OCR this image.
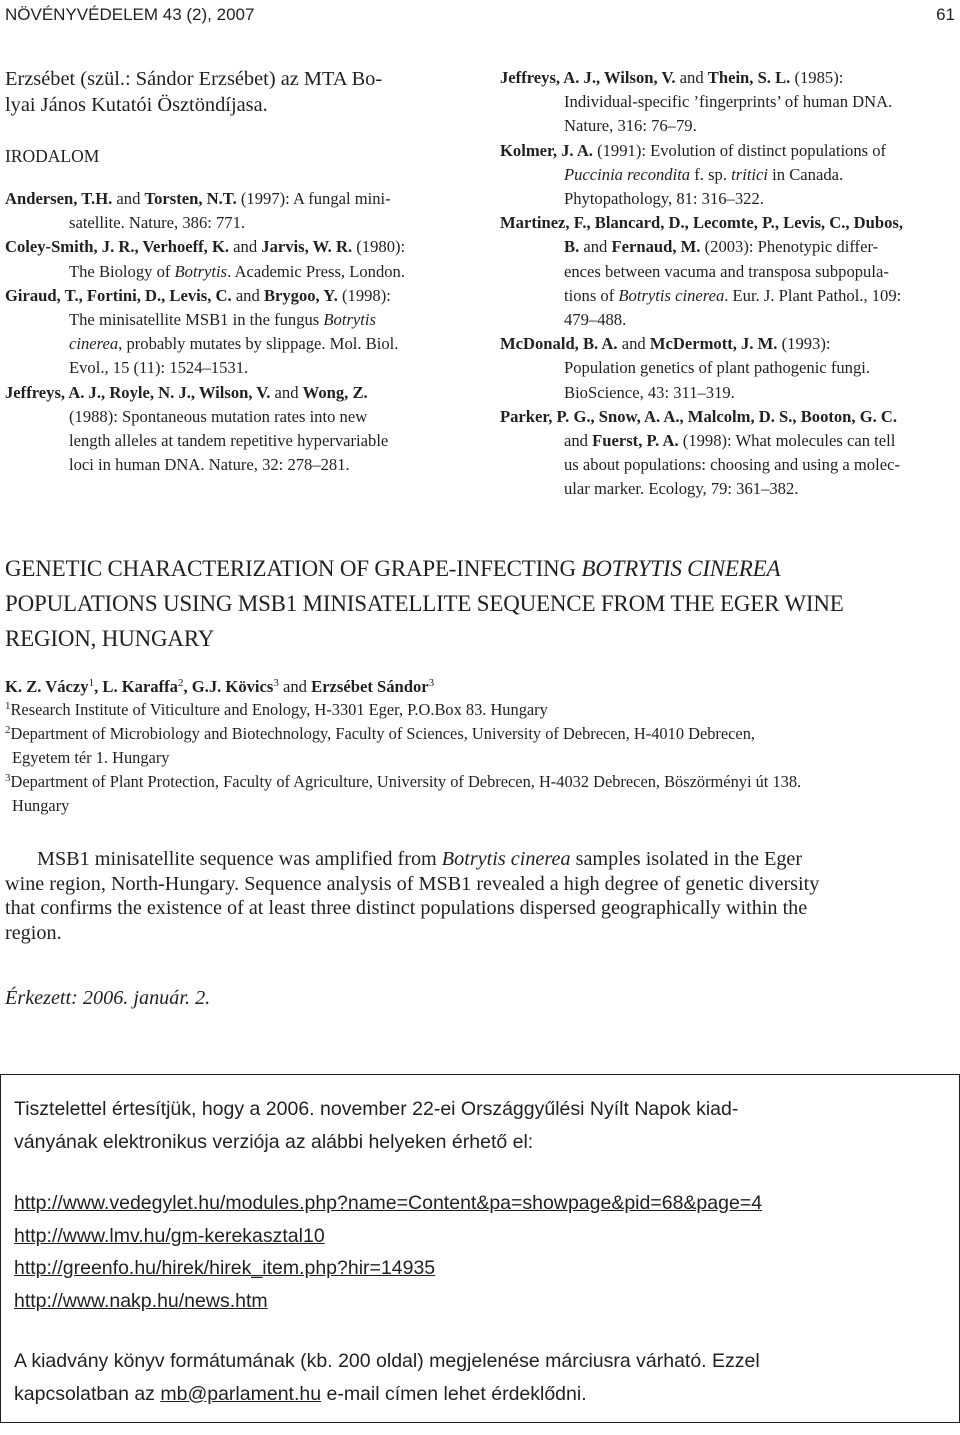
NÖVÉNYVÉDELEM 43 (2), 2007	61
Erzsébet (szül.: Sándor Erzsébet) az MTA Bo-
lyai János Kutatói Ösztöndíjasa.
IRODALOM
Andersen, T.H. and Torsten, N.T. (1997): A fungal mini-
satellite. Nature, 386: 771.
Coley-Smith, J. R., Verhoeff, K. and Jarvis, W. R. (1980):
The Biology of Botrytis. Academic Press, London.
Giraud, T., Fortini, D., Levis, C. and Brygoo, Y. (1998):
The minisatellite MSB1 in the fungus Botrytis
cinerea, probably mutates by slippage. Mol. Biol.
Evol., 15 (11): 1524–1531.
Jeffreys, A. J., Royle, N. J., Wilson, V. and Wong, Z.
(1988): Spontaneous mutation rates into new
length alleles at tandem repetitive hypervariable
loci in human DNA. Nature, 32: 278–281.
Jeffreys, A. J., Wilson, V. and Thein, S. L. (1985):
Individual-specific ’fingerprints’ of human DNA.
Nature, 316: 76–79.
Kolmer, J. A. (1991): Evolution of distinct populations of
Puccinia recondita f. sp. tritici in Canada.
Phytopathology, 81: 316–322.
Martinez, F., Blancard, D., Lecomte, P., Levis, C., Dubos,
B. and Fernaud, M. (2003): Phenotypic differ-
ences between vacuma and transposa subpopula-
tions of Botrytis cinerea. Eur. J. Plant Pathol., 109:
479–488.
McDonald, B. A. and McDermott, J. M. (1993):
Population genetics of plant pathogenic fungi.
BioScience, 43: 311–319.
Parker, P. G., Snow, A. A., Malcolm, D. S., Booton, G. C.
and Fuerst, P. A. (1998): What molecules can tell
us about populations: choosing and using a molec-
ular marker. Ecology, 79: 361–382.
GENETIC CHARACTERIZATION OF GRAPE-INFECTING BOTRYTIS CINEREA
POPULATIONS USING MSB1 MINISATELLITE SEQUENCE FROM THE EGER WINE
REGION, HUNGARY
K. Z. Váczy$^1$, L. Karaffa$^2$, G.J. Kövics$^3$ and Erzsébet Sándor$^3$
$^1$Research Institute of Viticulture and Enology, H-3301 Eger, P.O.Box 83. Hungary
$^2$Department of Microbiology and Biotechnology, Faculty of Sciences, University of Debrecen, H-4010 Debrecen,
Egyetem tér 1. Hungary
$^3$Department of Plant Protection, Faculty of Agriculture, University of Debrecen, H-4032 Debrecen, Böszörményi út 138.
Hungary
MSB1 minisatellite sequence was amplified from Botrytis cinerea samples isolated in the Eger
wine region, North-Hungary. Sequence analysis of MSB1 revealed a high degree of genetic diversity
that confirms the existence of at least three distinct populations dispersed geographically within the
region.
Érkezett: 2006. január. 2.
Tisztelettel értesítjük, hogy a 2006. november 22-ei Országgyűlési Nyílt Napok kiad-
ványának elektronikus verziója az alábbi helyeken érhető el:
http://www.vedegylet.hu/modules.php?name=Content&pa=showpage&pid=68&page=4
http://www.lmv.hu/gm-kerekasztal10
http://greenfo.hu/hirek/hirek_item.php?hir=14935
http://www.nakp.hu/news.htm
A kiadvány könyv formátumának (kb. 200 oldal) megjelenése márciusra várható. Ezzel
kapcsolatban az mb@parlament.hu e-mail címen lehet érdeklődni.
